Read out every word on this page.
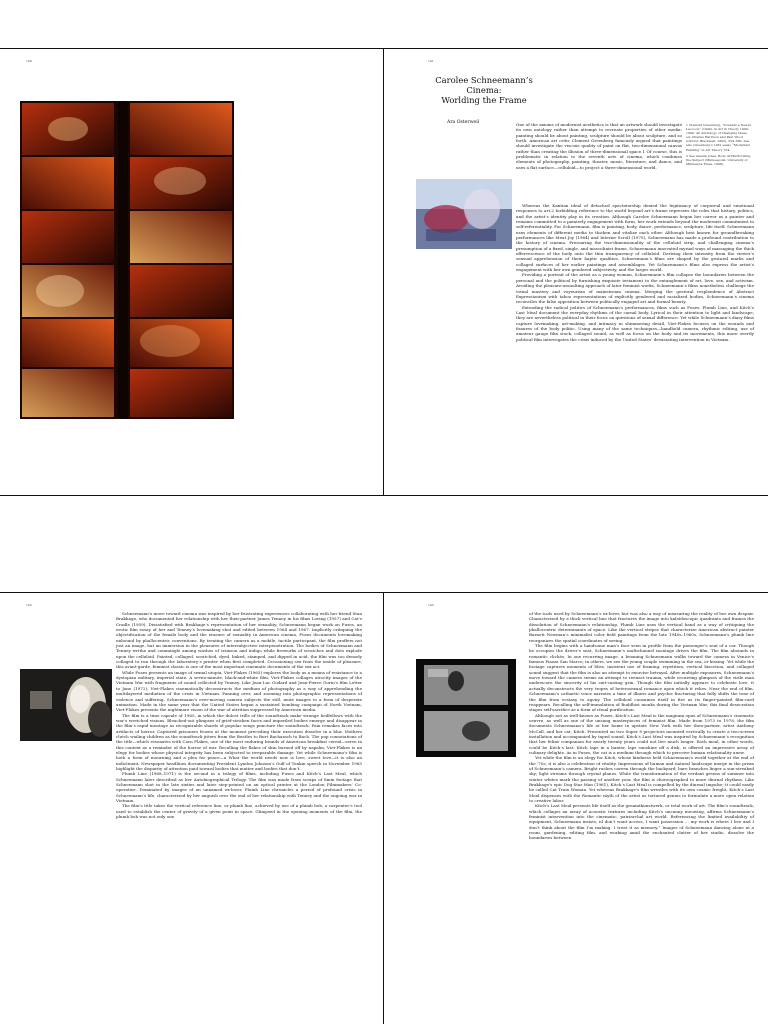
140	141
Carolee Schneemann’s
Cinema:
Worlding the Frame
Ara Osterweil	One of the axioms of modernist aesthetics is that an artwork should investigate its own ontology rather than attempt to recreate properties of other media: painting should be about painting, sculpture should be about sculpture, and so forth. American art critic Clement Greenberg famously argued that paintings should investigate the viscous quality of paint on flat, two-dimensional canvas rather than creating the illusion of three-dimensional space.1 Of course, this is problematic in relation to the seventh arte of cinema, which combines elements of photography, painting, theater, music, literature, and dance, and uses a flat surface—celluloid—to project a three-dimensional world.

Whereas the Kantian ideal of detached spectatorship denied the legitimacy of corporeal and emotional responses to art,2 forbidding reference to the world beyond art’s frame represses the roles that history, politics, and the artist’s identity play in its creation. Although Carolee Schneemann began her career as a painter and remains committed to a painterly engagement with form, her work extends beyond the modernist commitment to self-referentiality. For Schneemann, film is painting, body, dance, performance, sculpture, life itself. Schneemann uses elements of different media to thicken and vitalize each other. Although best known for groundbreaking performances like Meat Joy (1964) and Interior Scroll (1975), Schneemann has made a profound contribution to the history of cinema. Pressuring the two-dimensionality of the celluloid strip, and challenging cinema’s presumption of a fixed, single, and masculinist frame, Schneemann innovated myriad ways of massaging the thick effervescence of the body onto the thin transparency of celluloid. Deriving their intensity from the viewer’s sensual apprehension of their haptic qualities, Schneemann’s films are shaped by the gestural marks and collaged surfaces of her earlier paintings and assemblages. Yet Schneemann’s films also express the artist’s engagement with her own gendered subjectivity, and the larger world.

Providing a portrait of the artist as a young woman, Schneemann’s film collapse the boundaries between the personal and the political by furnishing exquisite testament to the entanglement of art, love, sex, and activism. Avoiding the pleasure-assaulting approach of later feminist works, Schneemann’s films nonetheless challenge the visual mastery and voyeurism of mainstream cinema. Merging the gestural resplendence of Abstract Expressionism with taboo representations of explicitly gendered and racialized bodies, Schneemann’s cinema reconciles the false opposition between politically engaged art and formal beauty.

Extending the radical politics of Schneemann’s performances, films such as Fuses, Plumb Line, and Kitch’s Last Meal document the everyday rhythms of the carnal body. Lyrical in their attention to light and landscape, they are nevertheless political in their focus on questions of sexual difference. Yet while Schneemann’s diary films capture lovemaking, art-making, and intimacy in shimmering detail, Viet-Flakes focuses on the wounds and fissures of the body politic. Using many of the same techniques—handheld camera, rhythmic editing, use of amateur gauge film stock, collaged sound, as well as focus on the body and its movements, this more overtly political film interrogates the crisis induced by the United States’ devastating intervention in Vietnam.

1 Clement Greenberg, “Towards a Newer Laocoon” (1940), in Art in Theory 1900–1990: An Anthology of Changing Ideas, ed. Charles Harrison and Paul Wood (Oxford: Blackwell, 1992), 554–560. See also Greenberg’s 1961 essay “Modernist Painting” in Art Theory 754.

2 See Amelia Jones, Body Art/Performing the Subject (Minneapolis: University of Minnesota Press, 1998).

142	143

Schneemann’s move toward cinema was inspired by her frustrating experiences collaborating with her friend Stan Brakhage, who documented her relationship with her then-partner James Tenney in his films Loving (1957) and Cat’s Cradle (1959). Dissatisfied with Brakhage’s representation of her sexuality, Schneemann began work on Fuses, an erotic film essay of her and Tenney’s lovemaking shot and edited between 1964 and 1967. Implicitly critiquing the objectification of the female body and the erasure of sexuality in American cinema, Fuses documents lovemaking unbound by phallocentric conventions. By treating the camera as a mobile, tactile participant, the film proffers not just an image, but an immersion in the pleasures of intersubjective interpenetration. The bodies of Schneemann and Tenney writhe and commingle among washes of crimson and indigo while fireworks of scratches and dots explode upon the celluloid. Painted, collaged, scratched, dyed, baked, stamped, and dipped in acid, the film was too densely collaged to run through the laboratory’s printer when first completed. Occasioning sex from the inside of pleasure, this avant-garde, feminist classic is one of the most important cinematic documents of the sex act.

While Fuses presents an image of sexual utopia, Viet-Flakes (1965) explores the body as a means of resistance to a dystopian military, imperial state. A seven-minute, black-and-white film, Viet-Flakes collages atrocity images of the Vietnam War with fragments of sound collected by Tenney. Like Jean-Luc Godard and Jean-Pierre Gorin’s film Letter to Jane (1972), Viet-Flakes cinematically deconstructs the medium of photography as a way of apprehending the multilayered mediation of the crisis in Vietnam. Panning over, and zooming into photographic representations of violence and suffering, Schneemann’s ever-moving camera subjects the still, mute images to a form of desperate animation. Made in the same year that the United States began a sustained bombing campaign of North Vietnam, Viet-Flakes presents the nightmare vision of the war of attrition suppressed by American media.

The film is a time capsule of 1965, in which the dulcet trills of the soundtrack make strange bedfellows with the war’s wretched visions. Bleached-out glimpses of grief-stricken faces and imperiled bodies emerge and disappear in the film’s rapid montage as recognizable shards of popular songs puncture the soundtrack. Pain remakes faces into artifacts of horror. Captured prisoners frozen at the moment preceding their execution dissolve in a blur. Mothers clutch wailing children as the soundtrack jitters from the Beatles to Burt Bacharach to Bach. The pop connotations of the title—which resonates with Corn Flakes, one of the most enduring brands of American breakfast cereal—serve in this context as a reminder of the horror of war. Recalling the flakes of skin burned off by napalm, Viet-Flakes is an elegy for bodies whose physical integrity has been subjected to irreparable damage. Yet while Schneemann’s film is both a form of mourning and a plea for peace—a What the world needs now is love, sweet love—it is also an indictment. Newspaper headlines documenting President Lyndon Johnson’s Gulf of Tonkin speech in November 1965 highlight the disparity of attention paid toward bodies that matter and bodies that don’t.

Plumb Line (1968–1971) is the second in a trilogy of films, including Fuses and Kitch’s Last Meal, which Schneemann later described as her Autobiographical Trilogy. The film was made from scraps of 8mm footage that Schneemann shot in the late sixties and later step-printed on an optical printer at the London Filmmakers’ Co-operative. Dominated by images of an unnamed ex-lover, Plumb Line chronicles a period of profound crisis in Schneemann’s life, characterized by her anguish over the end of her relationship with Tenney and the ongoing war in Vietnam.

The film’s title takes the vertical reference line, or plumb line, achieved by use of a plumb bob, a carpenter’s tool used to establish the center of gravity of a given point in space. Glimpsed in the opening moments of the film, the plumb bob was not only one

of the tools used by Schneemann’s ex-lover, but was also a way of measuring the reality of her own despair. Characterized by a thick vertical line that fractures the image into kaleidoscopic quadrants and frames the dissolution of Schneemann’s relationship, Plumb Line uses the vertical band as a way of critiquing the phallocentric determinants of space. Like the vertical stripes that characterize American abstract painter Barnett Newman’s minimalist color field paintings from the late 1940s–1960s, Schneemann’s plumb line reorganizes the spatial coordinates of seeing.

The film begins with a handsome man’s face seen in profile from the passenger’s seat of a car. Though he occupies the driver’s seat, Schneemann’s multichannel montage drives the film. The film abounds in romantic clichés. In one recurring image, a beaming Schneemann walks toward the camera in Venice’s famous Piazza San Marco; in others, we see the young couple swimming in the sea, or kissing. Yet while the footage captures moments of bliss, insistent use of framing, repetition, vertical bisection, and collaged sound suggest that the film is also an attempt to exorcise betrayal. After multiple exposures, Schneemann’s move toward the camera seems an attempt to reenact trauma, while recurring glimpses of the virile man underscore the sincerity of his suit-casting grin. Though the film initially appears to celebrate love, it actually deconstructs the very tropes of heterosexual romance upon which it relies. Near the end of film, Schneemann’s cathartic voice narrates a time of illness and psychic fracturing that fully shifts the tone of the film from ecstasy to agony. The celluloid consumes itself in fire as its finger-painted film-card reappears. Recalling the self-immolation of Buddhist monks during the Vietnam War, this final desecration stages self-sacrifice as a form of ritual purification.

Although not as well-known as Fuses, Kitch’s Last Meal is the magnum opus of Schneemann’s cinematic oeuvre, as well as one of the unsung masterpieces of feminist film. Made from 1973 to 1978, the film documents Schneemann’s life at her home in upstate New York with her then-partner, artist Anthony McCall, and her cat, Kitch. Presented on two Super 8 projectors mounted vertically to create a two-screen installation and accompanied by taped sound, Kitch’s Last Meal was inspired by Schneemann’s recognition that her feline companion for nearly twenty years could not live much longer. Each meal, in other words, could be Kitch’s last. Kitch taps in a hunter, laps sunshine off a dish, is offered an impressive array of culinary delights. As in Fuses, the cat is a medium through which to perceive human relationality anew.

Yet while the film is an elegy for Kitch, whose kindness held Schneemann’s world together at the end of the '70s, it is also a celebration of vitality. Impressions of human and natural landscape merge in the prism of Schneemann’s camera. Bright rushes careen through the backyard; bare branches linger a sun-streaked sky; light streams through crystal planes. While the transformation of the verdant greens of summer into winter whites mark the passing of another year, the film is choreographed to more diurnal rhythms. Like Brakhage’s epic Dog Star Man (1961), Kitch’s Last Meal is compelled by the diurnal impulse; it could easily be called Cat Train Woman. Yet whereas Brakhage’s film wrestles with its own cosmic freight, Kitch’s Last Meal dispenses with the Romantic myth of the artist as tortured genius to formulate a more open relation to creative labor.

Kitch’s Last Meal presents life itself as the gesamtkunstwerk, or total work of art. The film’s soundtrack, which collages an array of acoustic textures including Kitch’s uncanny meowing, affirms Schneemann’s feminist intervention into the cinematic, patriarchal art world. Referencing the limited availability of equipment, Schneemann insists, nl don’t want access, I want possession … my work is where I live and I don’t think about the film I’m making. I treat it as memory.” Images of Schneemann dancing alone in a room, gardening, editing film, and working amid the enchanted clutter of her studio, dissolve the boundaries between
